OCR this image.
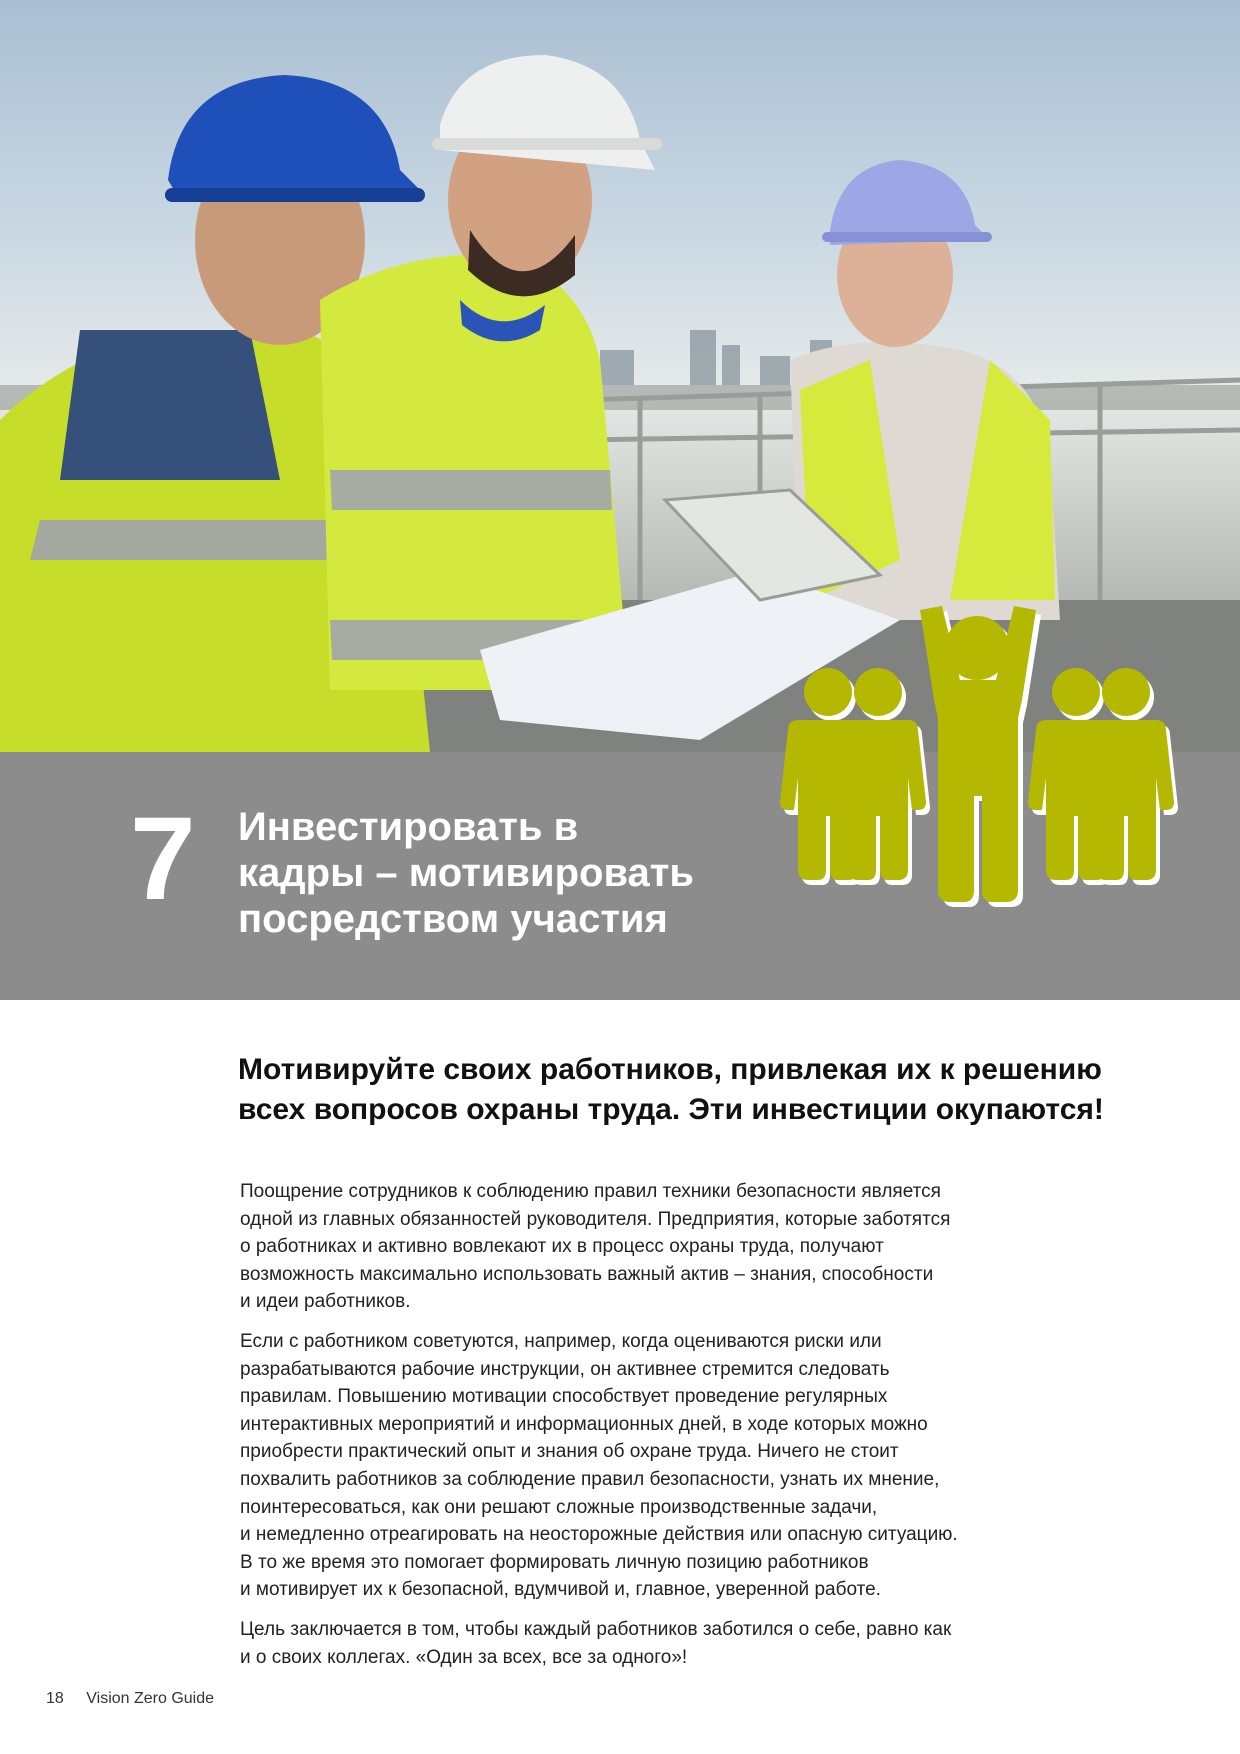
7 Инвестировать в
кадры – мотивировать
посредством участия
Мотивируйте своих работников, привлекая их к решению
всех вопросов охраны труда. Эти инвестиции окупаются!
Поощрение сотрудников к соблюдению правил техники безопасности является
одной из главных обязанностей руководителя. Предприятия, которые заботятся
о работниках и активно вовлекают их в процесс охраны труда, получают
возможность максимально использовать важный актив – знания, способности
и идеи работников.
Если с работником советуются, например, когда оцениваются риски или
разрабатываются рабочие инструкции, он активнее стремится следовать
правилам. Повышению мотивации способствует проведение регулярных
интерактивных мероприятий и информационных дней, в ходе которых можно
приобрести практический опыт и знания об охране труда. Ничего не стоит
похвалить работников за соблюдение правил безопасности, узнать их мнение,
поинтересоваться, как они решают сложные производственные задачи,
и немедленно отреагировать на неосторожные действия или опасную ситуацию.
В то же время это помогает формировать личную позицию работников
и мотивирует их к безопасной, вдумчивой и, главное, уверенной работе.
Цель заключается в том, чтобы каждый работников заботился о себе, равно как
и о своих коллегах. «Один за всех, все за одного»!
18 Vision Zero Guide
